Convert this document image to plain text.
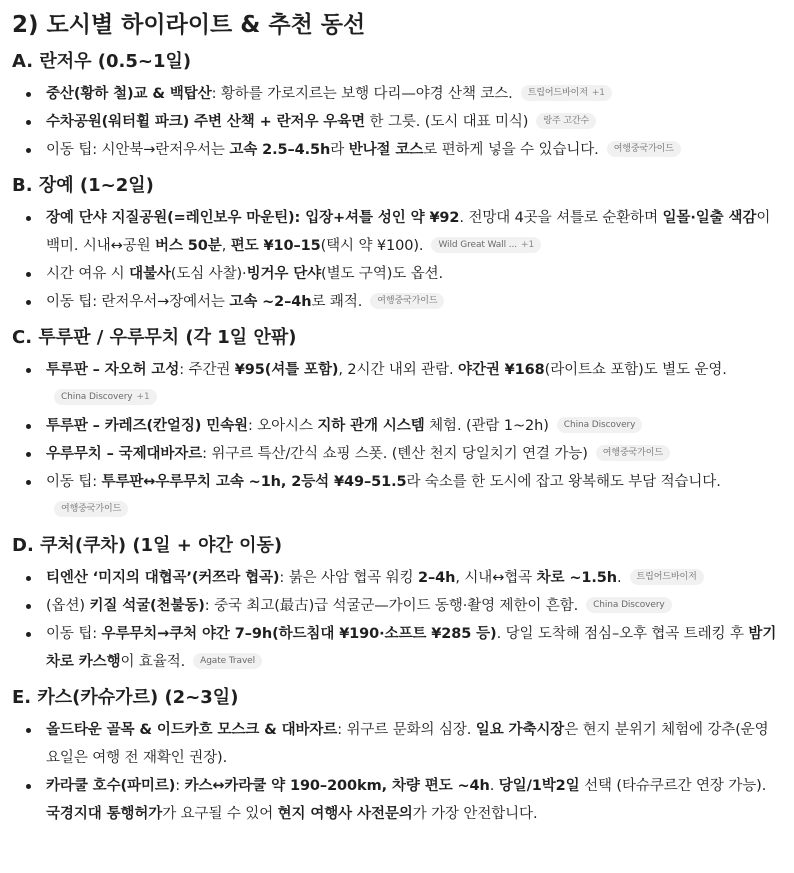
2) 도시별 하이라이트 & 추천 동선
A. 란저우 (0.5~1일)
중산(황하 철)교 & 백탑산: 황하를 가로지르는 보행 다리—야경 산책 코스. 트립어드바이저 +1
수차공원(워터휠 파크) 주변 산책 + 란저우 우육면 한 그릇. (도시 대표 미식) 랑주 고간수
이동 팁: 시안북→란저우서는 고속 2.5–4.5h라 반나절 코스로 편하게 넣을 수 있습니다. 여행중국가이드
B. 장예 (1~2일)
장예 단샤 지질공원(=레인보우 마운틴): 입장+셔틀 성인 약 ¥92. 전망대 4곳을 셔틀로 순환하며 일몰·일출 색감이 백미. 시내↔공원 버스 50분, 편도 ¥10–15(택시 약 ¥100). Wild Great Wall ... +1
시간 여유 시 대불사(도심 사찰)·빙거우 단샤(별도 구역)도 옵션.
이동 팁: 란저우서→장예서는 고속 ~2–4h로 쾌적. 여행중국가이드
C. 투루판 / 우루무치 (각 1일 안팎)
투루판 – 자오허 고성: 주간권 ¥95(셔틀 포함), 2시간 내외 관람. 야간권 ¥168(라이트쇼 포함)도 별도 운영.China Discovery +1
투루판 – 카레즈(칸얼징) 민속원: 오아시스 지하 관개 시스템 체험. (관람 1~2h) China Discovery
우루무치 – 국제대바자르: 위구르 특산/간식 쇼핑 스폿. (톈산 천지 당일치기 연결 가능) 여행중국가이드
이동 팁: 투루판↔우루무치 고속 ~1h, 2등석 ¥49–51.5라 숙소를 한 도시에 잡고 왕복해도 부담 적습니다.여행중국가이드
D. 쿠처(쿠차) (1일 + 야간 이동)
티엔산 ‘미지의 대협곡’(커쯔라 협곡): 붉은 사암 협곡 워킹 2–4h, 시내↔협곡 차로 ~1.5h. 트립어드바이저
(옵션) 키질 석굴(천불동): 중국 최고(最古)급 석굴군—가이드 동행·촬영 제한이 흔함. China Discovery
이동 팁: 우루무치→쿠처 야간 7–9h(하드침대 ¥190·소프트 ¥285 등). 당일 도착해 점심–오후 협곡 트레킹 후 밤기차로 카스행이 효율적. Agate Travel
E. 카스(카슈가르) (2~3일)
올드타운 골목 & 이드카흐 모스크 & 대바자르: 위구르 문화의 심장. 일요 가축시장은 현지 분위기 체험에 강추(운영 요일은 여행 전 재확인 권장).
카라쿨 호수(파미르): 카스↔카라쿨 약 190–200km, 차량 편도 ~4h. 당일/1박2일 선택 (타슈쿠르간 연장 가능). 국경지대 통행허가가 요구될 수 있어 현지 여행사 사전문의가 가장 안전합니다.
